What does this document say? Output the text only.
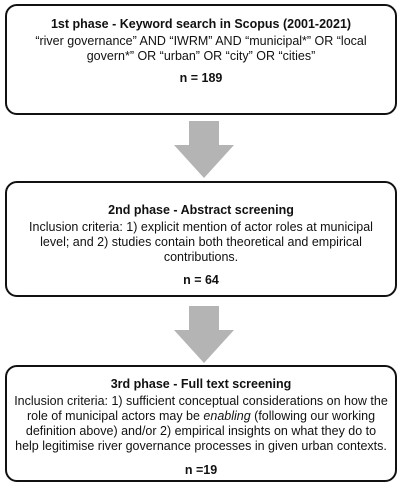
1st phase - Keyword search in Scopus (2001-2021)
“river governance” AND “IWRM” AND “municipal*” OR “local govern*” OR “urban” OR “city” OR “cities”
n = 189
2nd phase - Abstract screening
Inclusion criteria: 1) explicit mention of actor roles at municipal level; and 2) studies contain both theoretical and empirical contributions.
n = 64
3rd phase - Full text screening
Inclusion criteria: 1) sufficient conceptual considerations on how the role of municipal actors may be enabling (following our working definition above) and/or 2) empirical insights on what they do to help legitimise river governance processes in given urban contexts.
n =19
